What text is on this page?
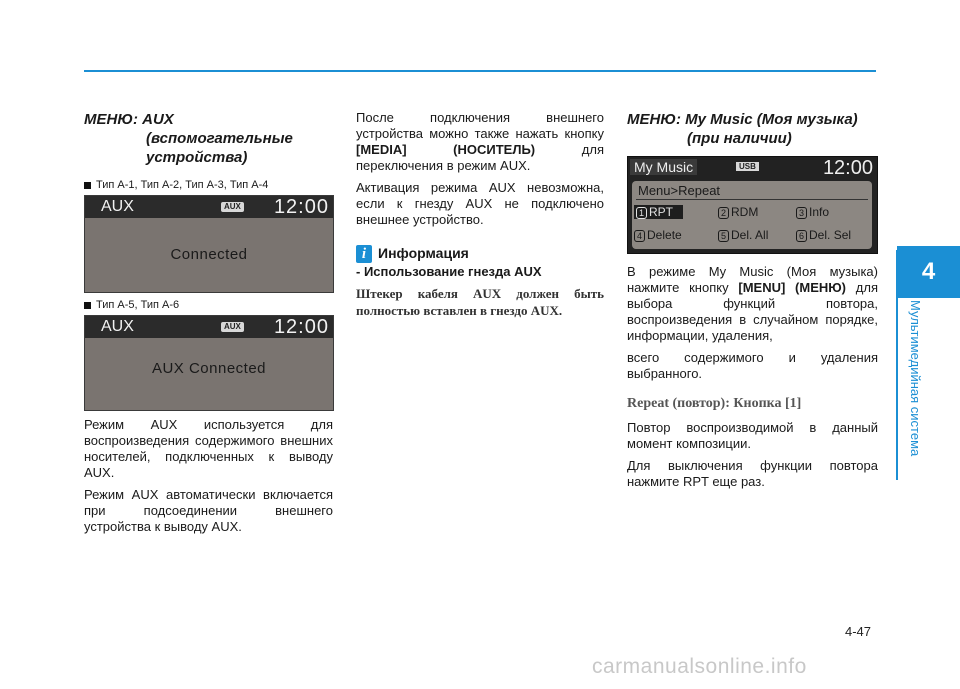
4
Мультимедийная система

МЕНЮ: AUX
(вспомогательные
устройства)

Тип А-1, Тип А-2, Тип А-3, Тип А-4
AUX	AUX 12:00
Connected
Тип А-5, Тип А-6
AUX	AUX 12:00
AUX Connected

Режим AUX используется для воспроизведения содержимого внешних носителей, подключенных к выводу AUX.

Режим AUX автоматически включается при подсоединении внешнего устройства к выводу AUX.

После подключения внешнего устройства можно также нажать кнопку [MEDIA] (НОСИТЕЛЬ) для переключения в режим AUX.

Активация режима AUX невозможна, если к гнезду AUX не подключено внешнее устройство.

i Информация

- Использование гнезда AUX

Штекер кабеля AUX должен быть полностью вставлен в гнездо AUX.

МЕНЮ: My Music (Моя музыка)
(при наличии)

My Music	USB	12:00
Menu>Repeat
1 RPT	2 RDM	3 Info
4 Delete	5 Del. All	6 Del. Sel

В режиме My Music (Моя музыка) нажмите кнопку [MENU] (МЕНЮ) для выбора функций повтора, воспроизведения в случайном порядке, информации, удаления,

всего содержимого и удаления выбранного.

Repeat (повтор): Кнопка [1]

Повтор воспроизводимой в данный момент композиции.

Для выключения функции повтора нажмите RPT еще раз.

4-47
carmanualsonline.info
